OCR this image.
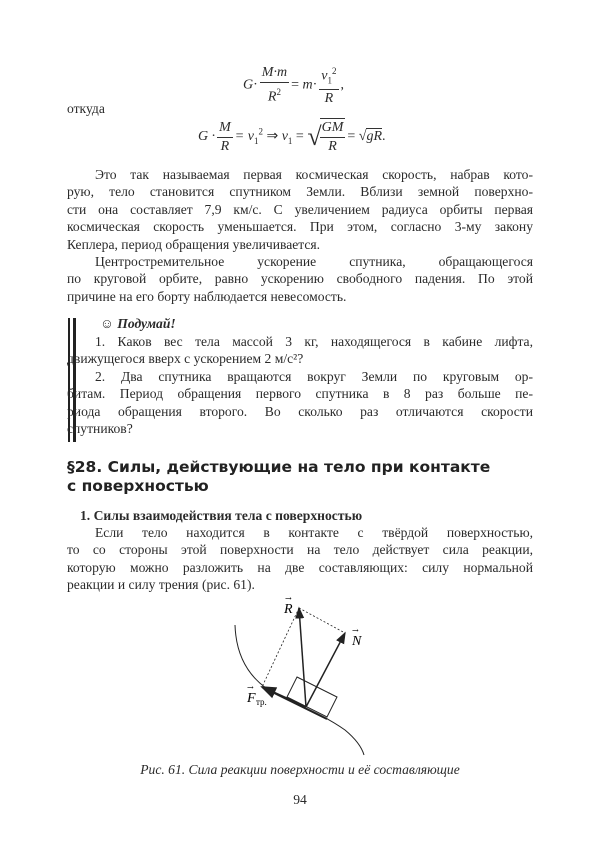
$G\cdot \frac{M\cdot m}{R^2} = m\cdot \frac{v_1^2}{R}$ ,
откуда
$G \cdot \frac{M}{R} = v_1^2$ ⇒ $v_1$ = √
$\frac{GM}{R} = √gR$.
Это так называемая первая космическая скорость, набрав кото-
рую, тело становится спутником Земли. Вблизи земной поверхно-
сти она составляет 7,9 км/с. С увеличением радиуса орбиты первая
космическая скорость уменьшается. При этом, согласно 3-му закону
Кеплера, период обращения увеличивается.
Центростремительное ускорение спутника, обращающегося
по круговой орбите, равно ускорению свободного падения. По этой
причине на его борту наблюдается невесомость.
☺ Подумай!
1. Каков вес тела массой 3 кг, находящегося в кабине лифта,
движущегося вверх с ускорением 2 м/с²?
2. Два спутника вращаются вокруг Земли по круговым ор-
битам. Период обращения первого спутника в 8 раз больше пе-
риода обращения второго. Во сколько раз отличаются скорости
спутников?
§28. Силы, действующие на тело при контакте
с поверхностью
1. Силы взаимодействия тела с поверхностью
Если тело находится в контакте с твёрдой поверхностью,
то со стороны этой поверхности на тело действует сила реакции,
которую можно разложить на две составляющих: силу нормальной
реакции и силу трения (рис. 61).
R
N
F тр.
→
→
→
Рис. 61. Сила реакции поверхности и её составляющие
94
